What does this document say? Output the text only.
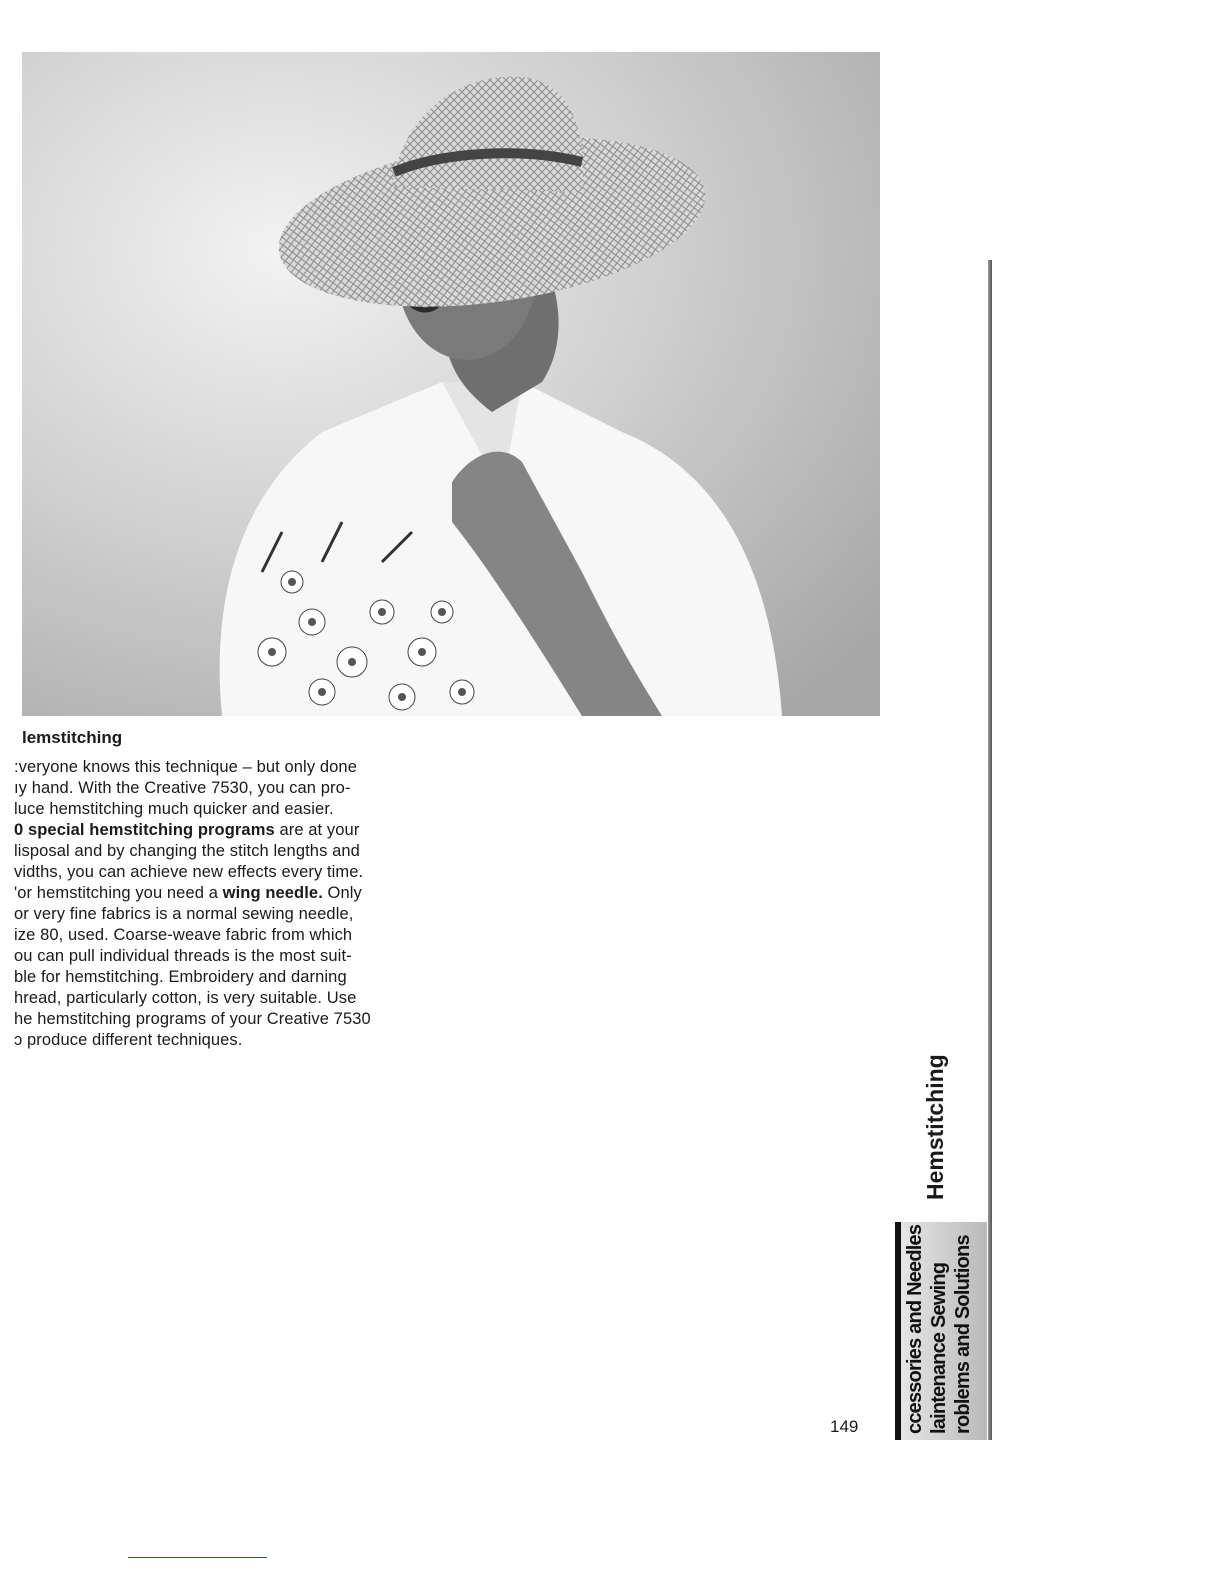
lemstitching
:veryone knows this technique – but only done
ıy hand. With the Creative 7530, you can pro-
luce hemstitching much quicker and easier.
0 special hemstitching programs are at your
lisposal and by changing the stitch lengths and
vidths, you can achieve new effects every time.
'or hemstitching you need a wing needle. Only
or very fine fabrics is a normal sewing needle,
ize 80, used. Coarse-weave fabric from which
ou can pull individual threads is the most suit-
ble for hemstitching. Embroidery and darning
hread, particularly cotton, is very suitable. Use
he hemstitching programs of your Creative 7530
ɔ produce different techniques.
Hemstitching
ccessories and Needles laintenance Sewing roblems and Solutions
149
